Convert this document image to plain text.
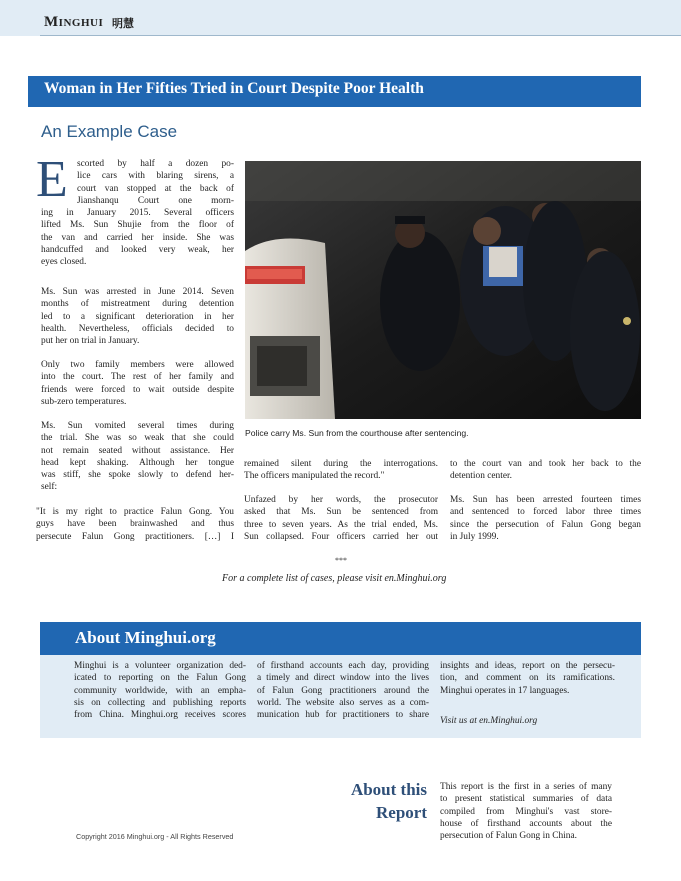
Minghui 明慧
Woman in Her Fifties Tried in Court Despite Poor Health
An Example Case
E scorted by half a dozen po-
lice cars with blaring sirens, a
court van stopped at the back of
Jianshanqu Court one morn-
ing in January 2015. Several officers
lifted Ms. Sun Shujie from the floor of
the van and carried her inside. She was
handcuffed and looked very weak, her
eyes closed.
Ms. Sun was arrested in June 2014. Seven
months of mistreatment during detention
led to a significant deterioration in her
health. Nevertheless, officials decided to
put her on trial in January.
Only two family members were allowed
into the court. The rest of her family and
friends were forced to wait outside despite
sub-zero temperatures.
Ms. Sun vomited several times during
the trial. She was so weak that she could
not remain seated without assistance. Her
head kept shaking. Although her tongue
was stiff, she spoke slowly to defend her-
self:
"It is my right to practice Falun Gong. You
guys have been brainwashed and thus
persecute Falun Gong practitioners. […] I
Police carry Ms. Sun from the courthouse after sentencing.
remained silent during the interrogations.
The officers manipulated the record."
Unfazed by her words, the prosecutor
asked that Ms. Sun be sentenced from
three to seven years. As the trial ended, Ms.
Sun collapsed. Four officers carried her out
to the court van and took her back to the
detention center.
Ms. Sun has been arrested fourteen times
and sentenced to forced labor three times
since the persecution of Falun Gong began
in July 1999.
***
For a complete list of cases, please visit en.Minghui.org
About Minghui.org
Minghui is a volunteer organization ded-
icated to reporting on the Falun Gong
community worldwide, with an empha-
sis on collecting and publishing reports
from China. Minghui.org receives scores
of firsthand accounts each day, providing
a timely and direct window into the lives
of Falun Gong practitioners around the
world. The website also serves as a com-
munication hub for practitioners to share
insights and ideas, report on the persecu-
tion, and comment on its ramifications.
Minghui operates in 17 languages.
Visit us at en.Minghui.org
About this
Report
This report is the first in a series of many
to present statistical summaries of data
compiled from Minghui's vast store-
house of firsthand accounts about the
persecution of Falun Gong in China.
Copyright 2016 Minghui.org - All Rights Reserved
